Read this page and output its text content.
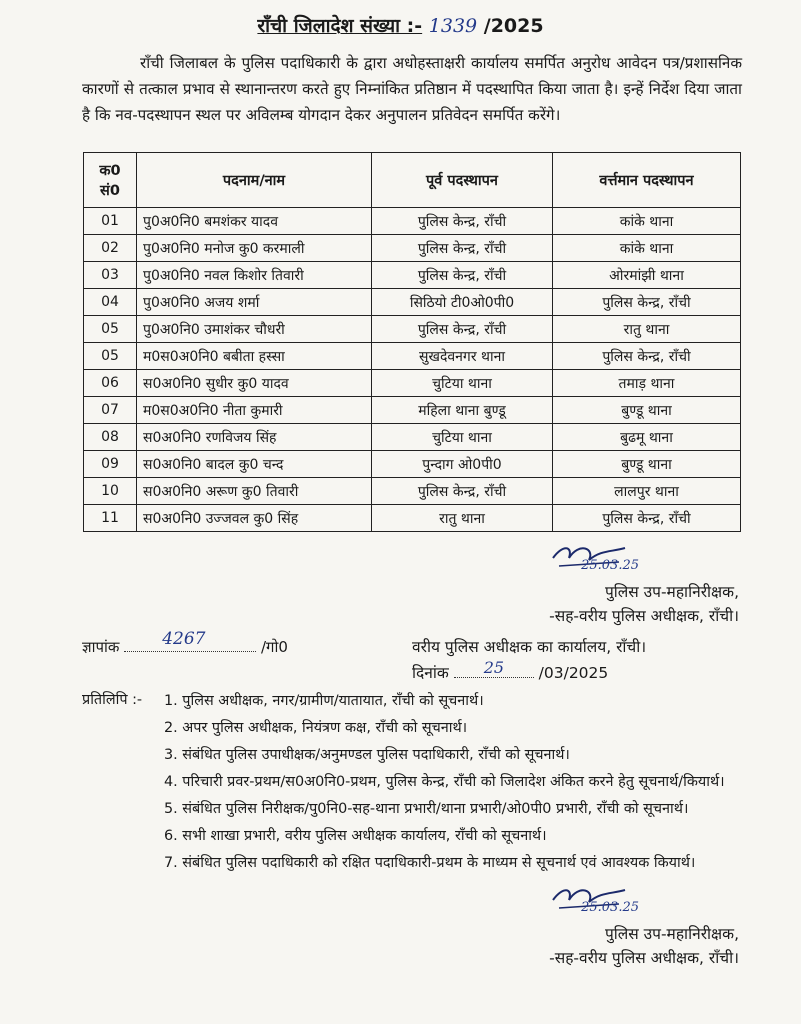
राँची जिलादेश संख्या :- 1339 /2025

राँची जिलाबल के पुलिस पदाधिकारी के द्वारा अधोहस्ताक्षरी कार्यालय समर्पित अनुरोध आवेदन पत्र/प्रशासनिक कारणों से तत्काल प्रभाव से स्थानान्तरण करते हुए निम्नांकित प्रतिष्ठान में पदस्थापित किया जाता है। इन्हें निर्देश दिया जाता है कि नव-पदस्थापन स्थल पर अविलम्ब योगदान देकर अनुपालन प्रतिवेदन समर्पित करेंगे।

क0
सं0	पदनाम/नाम	पूर्व पदस्थापन	वर्त्तमान पदस्थापन
01	पु0अ0नि0 बमशंकर यादव	पुलिस केन्द्र, राँची	कांके थाना
02	पु0अ0नि0 मनोज कु0 करमाली	पुलिस केन्द्र, राँची	कांके थाना
03	पु0अ0नि0 नवल किशोर तिवारी	पुलिस केन्द्र, राँची	ओरमांझी थाना
04	पु0अ0नि0 अजय शर्मा	सिठियो टी0ओ0पी0	पुलिस केन्द्र, राँची
05	पु0अ0नि0 उमाशंकर चौधरी	पुलिस केन्द्र, राँची	रातु थाना
05	म0स0अ0नि0 बबीता हस्सा	सुखदेवनगर थाना	पुलिस केन्द्र, राँची
06	स0अ0नि0 सुधीर कु0 यादव	चुटिया थाना	तमाड़ थाना
07	म0स0अ0नि0 नीता कुमारी	महिला थाना बुण्डू	बुण्डू थाना
08	स0अ0नि0 रणविजय सिंह	चुटिया थाना	बुढमू थाना
09	स0अ0नि0 बादल कु0 चन्द	पुन्दाग ओ0पी0	बुण्डू थाना
10	स0अ0नि0 अरूण कु0 तिवारी	पुलिस केन्द्र, राँची	लालपुर थाना
11	स0अ0नि0 उज्जवल कु0 सिंह	रातु थाना	पुलिस केन्द्र, राँची
25.03.25
पुलिस उप-महानिरीक्षक,
-सह-वरीय पुलिस अधीक्षक, राँची।
ज्ञापांक	4267	/गो0	वरीय पुलिस अधीक्षक का कार्यालय, राँची।
दिनांक 25 /03/2025
प्रतिलिपि :- 1. पुलिस अधीक्षक, नगर/ग्रामीण/यातायात, राँची को सूचनार्थ।
2. अपर पुलिस अधीक्षक, नियंत्रण कक्ष, राँची को सूचनार्थ।
3. संबंधित पुलिस उपाधीक्षक/अनुमण्डल पुलिस पदाधिकारी, राँची को सूचनार्थ।
4. परिचारी प्रवर-प्रथम/स0अ0नि0-प्रथम, पुलिस केन्द्र, राँची को जिलादेश अंकित करने हेतु सूचनार्थ/कियार्थ।
5. संबंधित पुलिस निरीक्षक/पु0नि0-सह-थाना प्रभारी/थाना प्रभारी/ओ0पी0 प्रभारी, राँची को सूचनार्थ।
6. सभी शाखा प्रभारी, वरीय पुलिस अधीक्षक कार्यालय, राँची को सूचनार्थ।
7. संबंधित पुलिस पदाधिकारी को रक्षित पदाधिकारी-प्रथम के माध्यम से सूचनार्थ एवं आवश्यक कियार्थ।
25.03.25
पुलिस उप-महानिरीक्षक,
-सह-वरीय पुलिस अधीक्षक, राँची।
